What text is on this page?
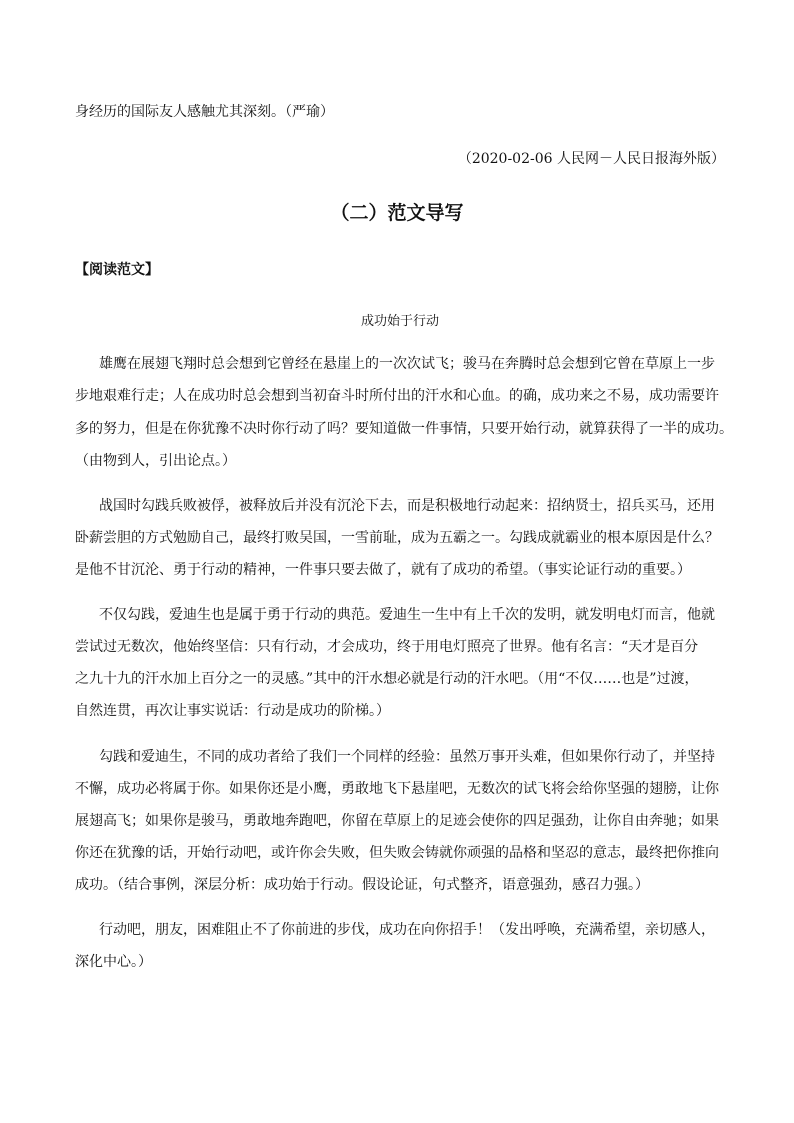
身经历的国际友人感触尤其深刻。（严瑜）
（2020-02-06 人民网－人民日报海外版）
（二）范文导写
【阅读范文】
成功始于行动
雄鹰在展翅飞翔时总会想到它曾经在悬崖上的一次次试飞；骏马在奔腾时总会想到它曾在草原上一步
步地艰难行走；人在成功时总会想到当初奋斗时所付出的汗水和心血。的确，成功来之不易，成功需要许
多的努力，但是在你犹豫不决时你行动了吗？要知道做一件事情，只要开始行动，就算获得了一半的成功。
（由物到人，引出论点。）
战国时勾践兵败被俘，被释放后并没有沉沦下去，而是积极地行动起来：招纳贤士，招兵买马，还用
卧薪尝胆的方式勉励自己，最终打败吴国，一雪前耻，成为五霸之一。勾践成就霸业的根本原因是什么？
是他不甘沉沦、勇于行动的精神，一件事只要去做了，就有了成功的希望。（事实论证行动的重要。）
不仅勾践，爱迪生也是属于勇于行动的典范。爱迪生一生中有上千次的发明，就发明电灯而言，他就
尝试过无数次，他始终坚信：只有行动，才会成功，终于用电灯照亮了世界。他有名言：“天才是百分
之九十九的汗水加上百分之一的灵感。”其中的汗水想必就是行动的汗水吧。（用“不仅……也是”过渡，
自然连贯，再次让事实说话：行动是成功的阶梯。）
勾践和爱迪生，不同的成功者给了我们一个同样的经验：虽然万事开头难，但如果你行动了，并坚持
不懈，成功必将属于你。如果你还是小鹰，勇敢地飞下悬崖吧，无数次的试飞将会给你坚强的翅膀，让你
展翅高飞；如果你是骏马，勇敢地奔跑吧，你留在草原上的足迹会使你的四足强劲，让你自由奔驰；如果
你还在犹豫的话，开始行动吧，或许你会失败，但失败会铸就你顽强的品格和坚忍的意志，最终把你推向
成功。（结合事例，深层分析：成功始于行动。假设论证，句式整齐，语意强劲，感召力强。）
行动吧，朋友，困难阻止不了你前进的步伐，成功在向你招手！（发出呼唤，充满希望，亲切感人，
深化中心。）
